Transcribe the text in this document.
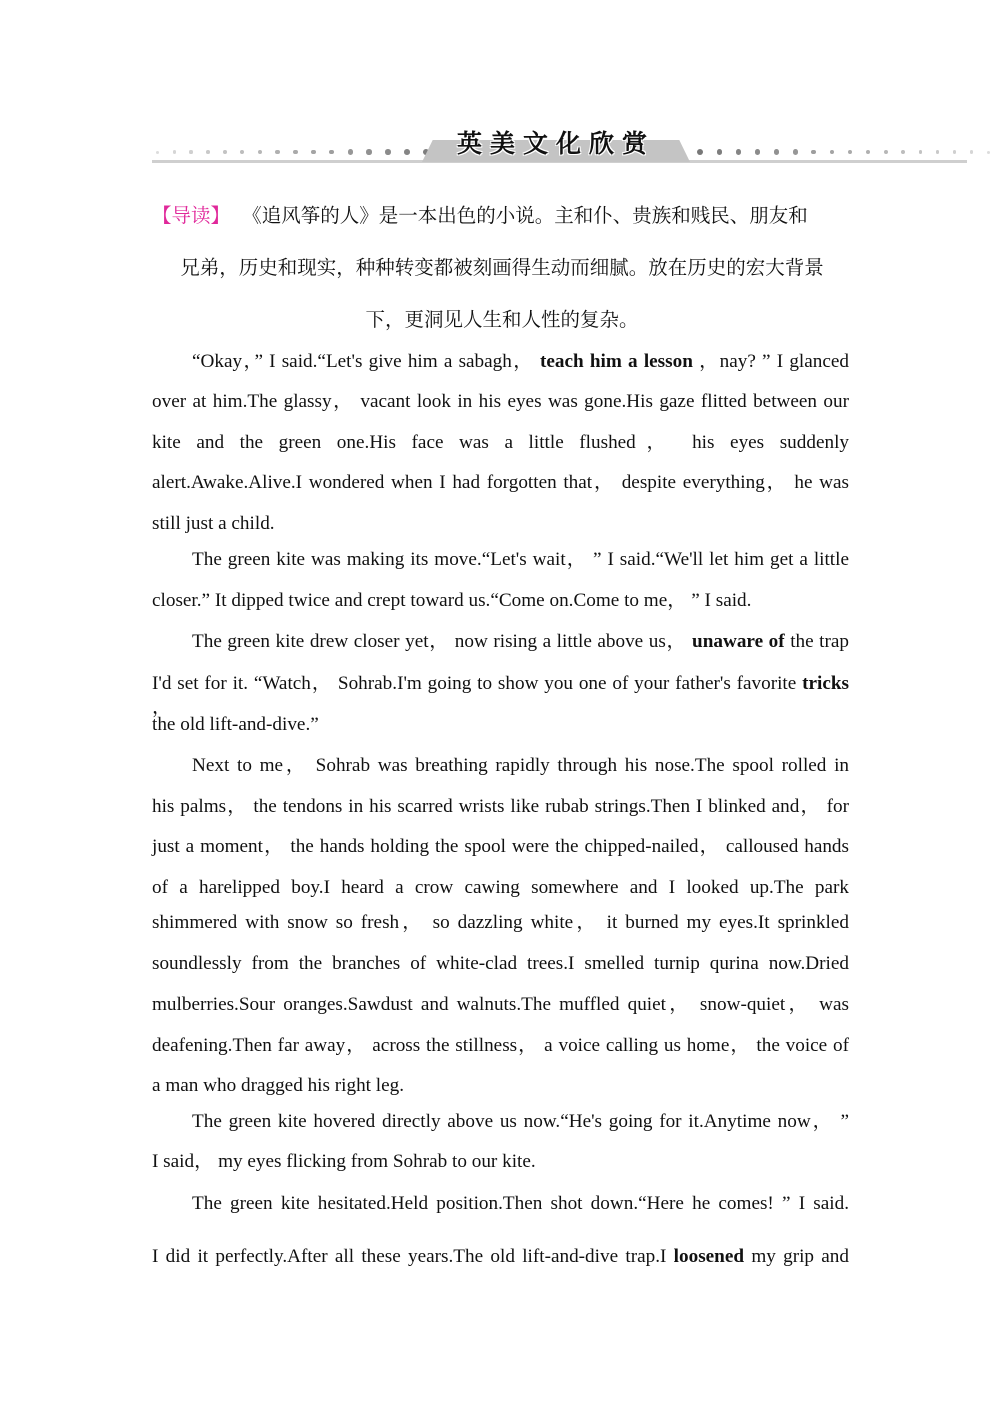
英美文化欣赏
【导读】 《追风筝的人》是一本出色的小说。主和仆、贵族和贱民、朋友和
兄弟，历史和现实，种种转变都被刻画得生动而细腻。放在历史的宏大背景
下，更洞见人生和人性的复杂。
“Okay，” I said.“Let's give him a sabagh， teach him a lesson ，nay? ” I glanced
over at him.The glassy， vacant look in his eyes was gone.His gaze flitted between our
kite and the green one.His face was a little flushed， his eyes suddenly
alert.Awake.Alive.I wondered when I had forgotten that， despite everything， he was
still just a child.
The green kite was making its move.“Let's wait， ” I said.“We'll let him get a little
closer.” It dipped twice and crept toward us.“Come on.Come to me， ” I said.
The green kite drew closer yet， now rising a little above us， unaware of the trap
I'd set for it. “Watch， Sohrab.I'm going to show you one of your father's favorite tricks ，
the old lift-and-dive.”
Next to me， Sohrab was breathing rapidly through his nose.The spool rolled in
his palms， the tendons in his scarred wrists like rubab strings.Then I blinked and， for
just a moment， the hands holding the spool were the chipped-nailed， calloused hands
of a harelipped boy.I heard a crow cawing somewhere and I looked up.The park
shimmered with snow so fresh， so dazzling white， it burned my eyes.It sprinkled
soundlessly from the branches of white-clad trees.I smelled turnip qurina now.Dried
mulberries.Sour oranges.Sawdust and walnuts.The muffled quiet， snow-quiet， was
deafening.Then far away， across the stillness， a voice calling us home， the voice of
a man who dragged his right leg.
The green kite hovered directly above us now.“He's going for it.Anytime now， ”
I said， my eyes flicking from Sohrab to our kite.
The green kite hesitated.Held position.Then shot down.“Here he comes! ” I said.
I did it perfectly.After all these years.The old lift-and-dive trap.I loosened my grip and
